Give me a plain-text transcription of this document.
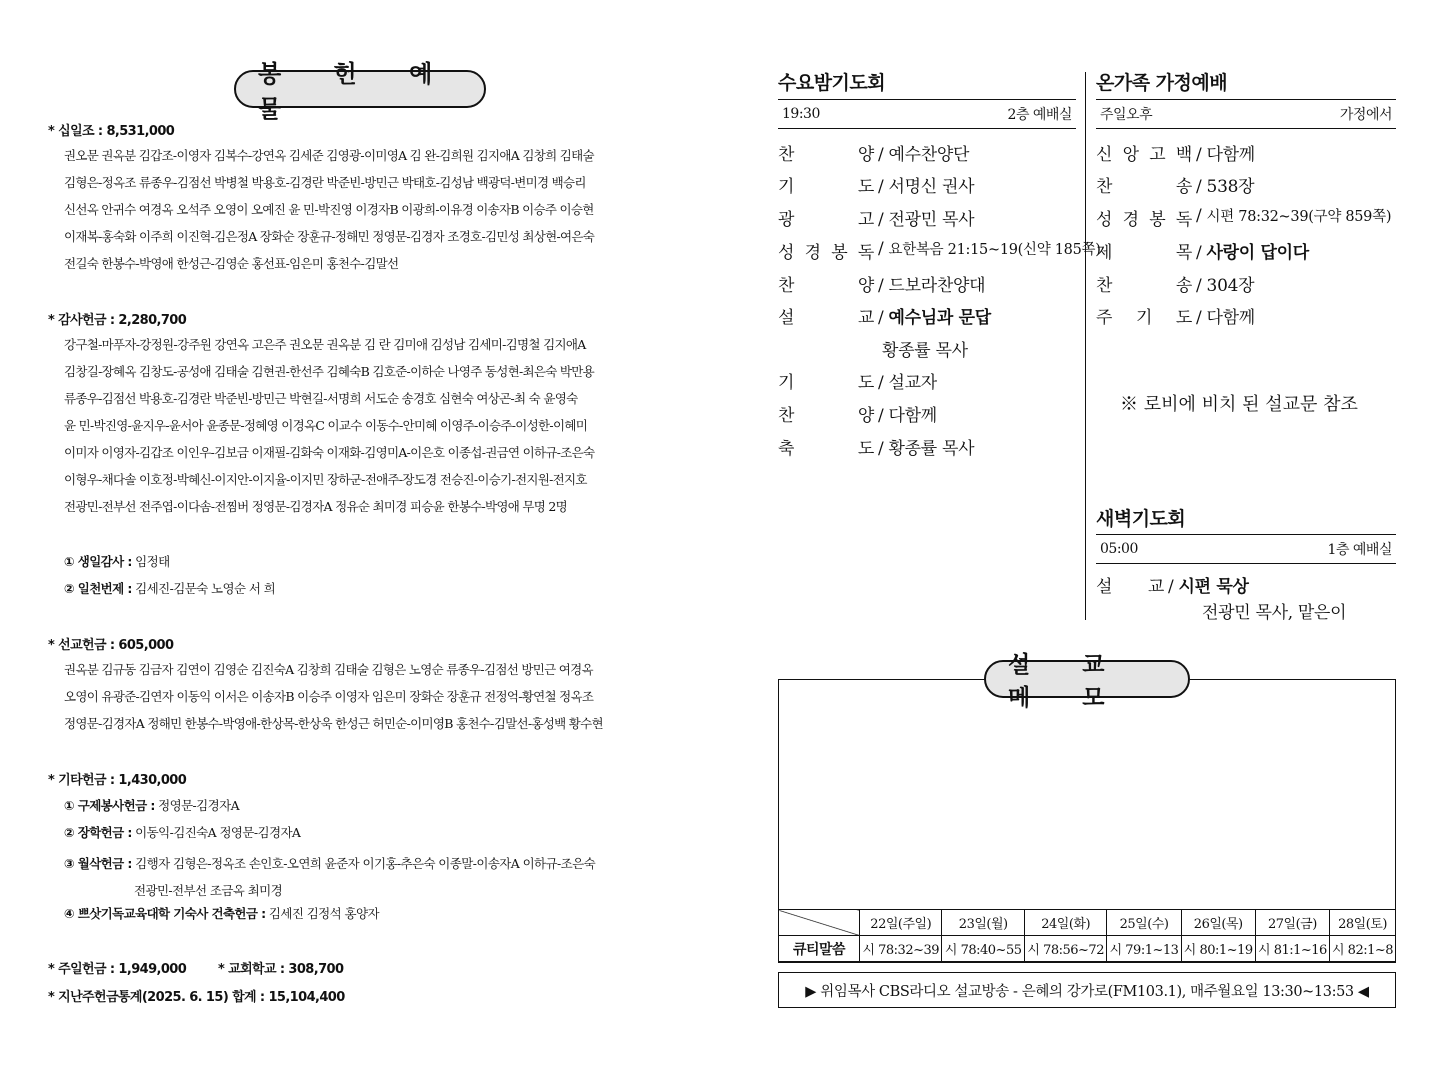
봉 헌 예 물
* 십일조 : 8,531,000
권오문 권옥분 김갑조-이영자 김복수-강연옥 김세준 김영광-이미영A 김 완-김희원 김지애A 김창희 김태술
김형은-정옥조 류종우-김점선 박병철 박용호-김경란 박준빈-방민근 박태호-김성남 백광덕-변미경 백승리
신선옥 안귀수 여경옥 오석주 오영이 오예진 윤 민-박진영 이경자B 이광희-이유경 이송자B 이승주 이승현
이재복-홍숙화 이주희 이진혁-김은정A 장화순 장훈규-정해민 정영문-김경자 조경호-김민성 최상현-여은숙
전길숙 한봉수-박영애 한성근-김영순 홍선표-임은미 홍천수-김말선
* 감사헌금 : 2,280,700
강구철-마푸자-강정원-강주원 강연옥 고은주 권오문 권옥분 김 란 김미애 김성남 김세미-김명철 김지애A
김창길-장혜옥 김창도-공성애 김태술 김현권-한선주 김혜숙B 김호준-이하순 나영주 동성현-최은숙 박만용
류종우-김점선 박용호-김경란 박준빈-방민근 박현길-서명희 서도순 송경호 심현숙 여상곤-최 숙 윤영숙
윤 민-박진영-윤지우-윤서아 윤종문-정혜영 이경옥C 이교수 이동수-안미혜 이영주-이승주-이성한-이혜미
이미자 이영자-김갑조 이인우-김보금 이재필-김화숙 이재화-김영미A-이은호 이종섭-권금연 이하규-조은숙
이형우-채다솔 이호정-박혜신-이지안-이지율-이지민 장하군-전애주-장도경 전승진-이승기-전지원-전지호
전광민-전부선 전주엽-이다솜-전찜버 정영문-김경자A 정유순 최미경 피승윤 한봉수-박영애 무명 2명
① 생일감사 : 임정태
② 일천번제 : 김세진-김문숙 노영순 서 희
* 선교헌금 : 605,000
권옥분 김규동 김금자 김연이 김영순 김진숙A 김창희 김태술 김형은 노영순 류종우-김점선 방민근 여경옥
오영이 유광준-김연자 이동익 이서은 이송자B 이승주 이영자 임은미 장화순 장훈규 전정억-황연철 정옥조
정영문-김경자A 정해민 한봉수-박영애-한상목-한상욱 한성근 허민순-이미영B 홍천수-김말선-홍성백 황수현
* 기타헌금 : 1,430,000
① 구제봉사헌금 : 정영문-김경자A
② 장학헌금 : 이동익-김진숙A 정영문-김경자A
③ 월삭헌금 : 김행자 김형은-정옥조 손인호-오연희 윤준자 이기홍-추은숙 이종말-이송자A 이하규-조은숙
전광민-전부선 조금옥 최미경
④ 쁘삿기독교육대학 기숙사 건축헌금 : 김세진 김정석 홍양자
* 주일헌금 : 1,949,000 * 교회학교 : 308,700
* 지난주헌금통계(2025. 6. 15) 합계 : 15,104,400
수요밤기도회
19:30	2층 예배실
찬	양 / 예수찬양단
기	도 / 서명신 권사
광	고 / 전광민 목사
성 경 봉 독 / 요한복음 21:15~19(신약 185쪽)
찬	양 / 드보라찬양대
설	교 / 예수님과 문답
황종률 목사
기	도 / 설교자
찬	양 / 다함께
축	도 / 황종률 목사
온가족 가정예배
주일오후	가정에서
신 앙 고 백 / 다함께
찬	송 / 538장
성 경 봉 독 / 시편 78:32~39(구약 859쪽)
제	목 / 사랑이 답이다
찬	송 / 304장
주 기 도 / 다함께
※ 로비에 비치 된 설교문 참조
새벽기도회
05:00	1층 예배실
설 교 / 시편 묵상
전광민 목사, 맡은이
설 교 메 모
	22일(주일)	23일(월)	24일(화)	25일(수)	26일(목)	27일(금)	28일(토)
큐티말씀	시 78:32~39	시 78:40~55	시 78:56~72	시 79:1~13	시 80:1~19	시 81:1~16	시 82:1~8
▶ 위임목사 CBS라디오 설교방송 - 은혜의 강가로(FM103.1), 매주월요일 13:30~13:53 ◀
